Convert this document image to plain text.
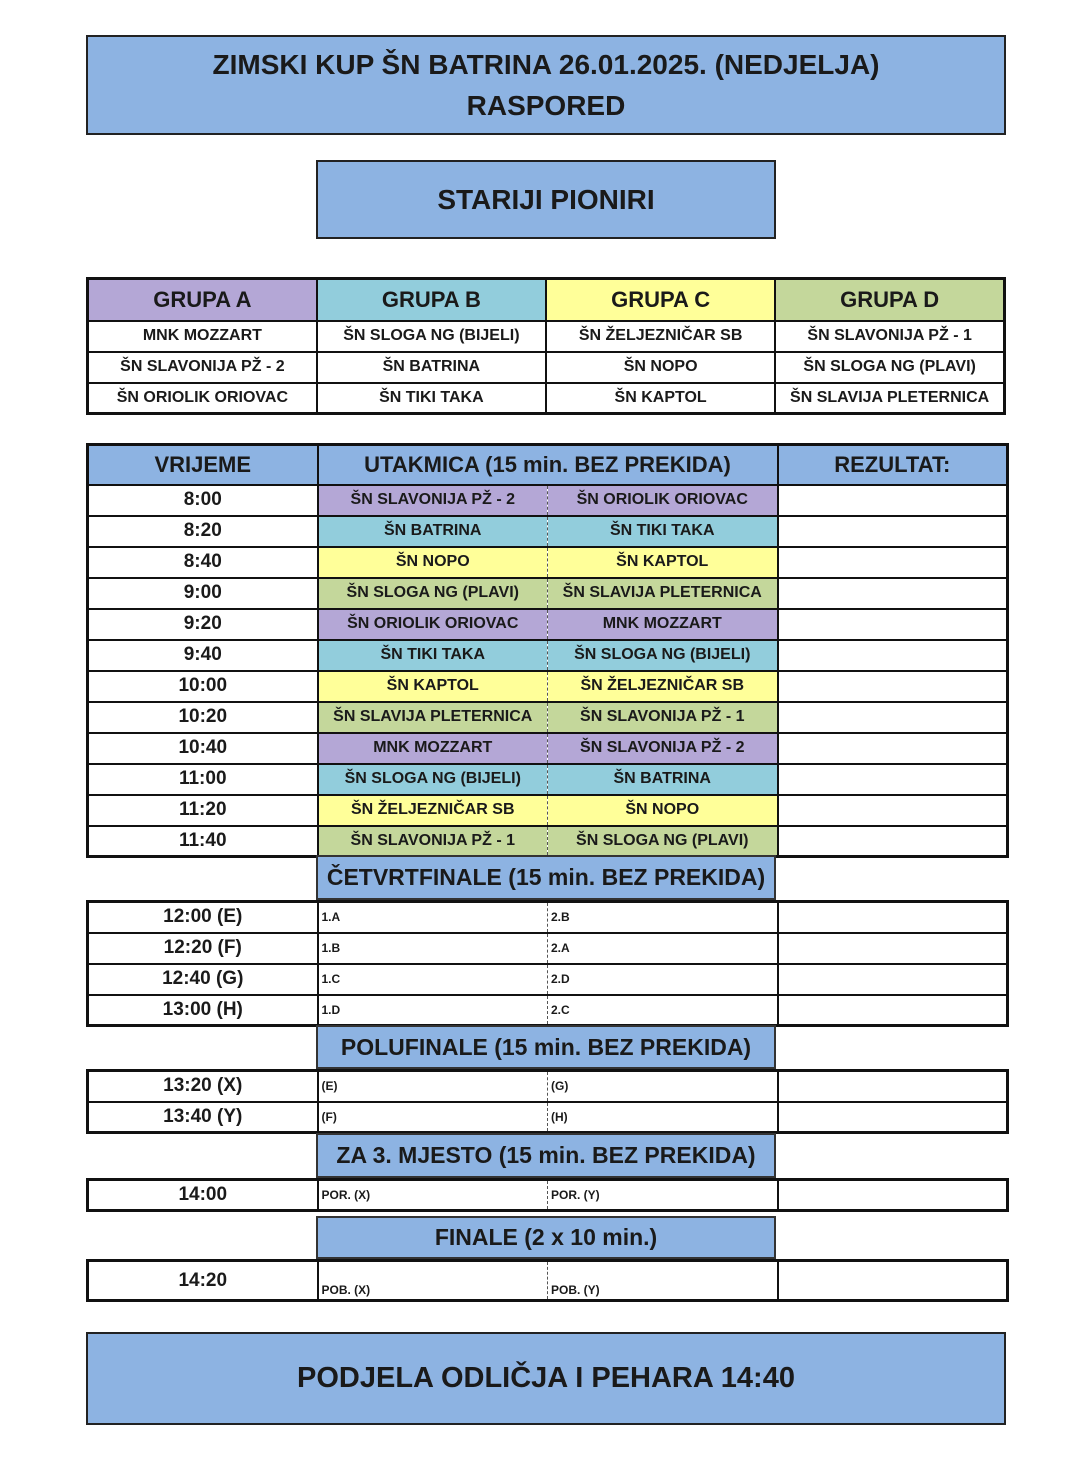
ZIMSKI KUP ŠN BATRINA 26.01.2025. (NEDJELJA)
RASPORED
STARIJI PIONIRI
GRUPA A	GRUPA B	GRUPA C	GRUPA D
MNK MOZZART	ŠN SLOGA NG (BIJELI)	ŠN ŽELJEZNIČAR SB	ŠN SLAVONIJA PŽ - 1
ŠN SLAVONIJA PŽ - 2	ŠN BATRINA	ŠN NOPO	ŠN SLOGA NG (PLAVI)
ŠN ORIOLIK ORIOVAC	ŠN TIKI TAKA	ŠN KAPTOL	ŠN SLAVIJA PLETERNICA
VRIJEME	UTAKMICA (15 min. BEZ PREKIDA)		REZULTAT:
8:00	ŠN SLAVONIJA PŽ - 2	ŠN ORIOLIK ORIOVAC	
8:20	ŠN BATRINA	ŠN TIKI TAKA	
8:40	ŠN NOPO	ŠN KAPTOL	
9:00	ŠN SLOGA NG (PLAVI)	ŠN SLAVIJA PLETERNICA	
9:20	ŠN ORIOLIK ORIOVAC	MNK MOZZART	
9:40	ŠN TIKI TAKA	ŠN SLOGA NG (BIJELI)	
10:00	ŠN KAPTOL	ŠN ŽELJEZNIČAR SB	
10:20	ŠN SLAVIJA PLETERNICA	ŠN SLAVONIJA PŽ - 1	
10:40	MNK MOZZART	ŠN SLAVONIJA PŽ - 2	
11:00	ŠN SLOGA NG (BIJELI)	ŠN BATRINA	
11:20	ŠN ŽELJEZNIČAR SB	ŠN NOPO	
11:40	ŠN SLAVONIJA PŽ - 1	ŠN SLOGA NG (PLAVI)	
ČETVRTFINALE (15 min. BEZ PREKIDA)
12:00 (E)	1.A	2.B	
12:20 (F)	1.B	2.A	
12:40 (G)	1.C	2.D	
13:00 (H)	1.D	2.C	
POLUFINALE (15 min. BEZ PREKIDA)
13:20 (X)	(E)	(G)	
13:40 (Y)	(F)	(H)	
ZA 3. MJESTO (15 min. BEZ PREKIDA)
14:00	POR. (X)	POR. (Y)	
FINALE (2 x 10 min.)
14:20	POB. (X)	POB. (Y)	
PODJELA ODLIČJA I PEHARA 14:40
